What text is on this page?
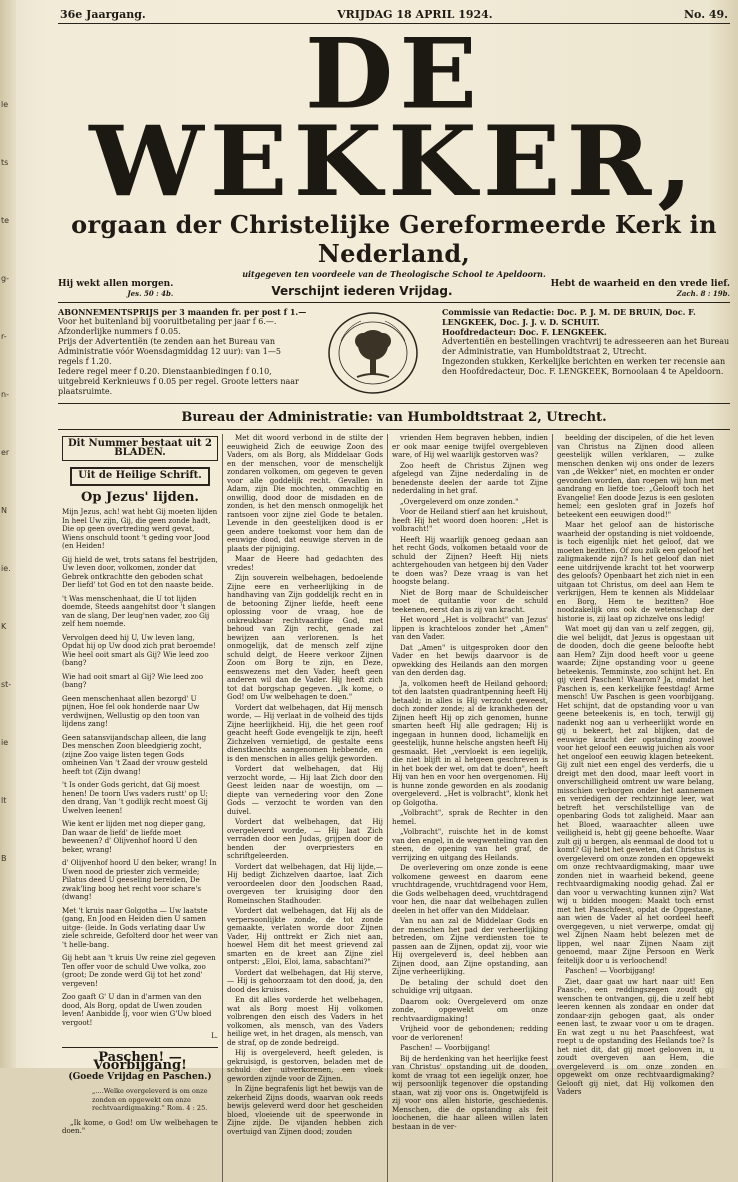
le
ts
te
g-
r-
n-
er
N
ie.
K
st-
ie
lt
B
36e Jaargang.	VRIJDAG 18 APRIL 1924.	No. 49.
DE WEKKER,
orgaan der Christelijke Gereformeerde Kerk in Nederland,
uitgegeven ten voordeele van de Theologische School te Apeldoorn.
Hij wekt allen morgen.
Jes. 50 : 4b.	Verschijnt iederen Vrijdag.	Hebt de waarheid en den vrede lief.
Zach. 8 : 19b.
ABONNEMENTSPRIJS per 3 maanden fr. per post f 1.—
Voor het buitenland bij vooruitbetaling per jaar f 6.—.
Afzonderlijke nummers f 0.05.
Prijs der Advertentiën (te zenden aan het Bureau van Administratie vóór Woensdagmiddag 12 uur): van 1—5 regels f 1.20.
Iedere regel meer f 0.20. Dienstaanbiedingen f 0.10, uitgebreid Kerknieuws f 0.05 per regel. Groote letters naar plaatsruimte.
Commissie van Redactie: Doc. P. J. M. DE BRUIN, Doc. F. LENGKEEK, Doc. J. J. v. D. SCHUIT.
Hoofdredacteur: Doc. F. LENGKEEK.
Advertentiën en bestellingen vrachtvrij te adresseeren aan het Bureau der Administratie, van Humboldtstraat 2, Utrecht.
Ingezonden stukken, Kerkelijke berichten en werken ter recensie aan den Hoofdredacteur, Doc. F. LENGKEEK, Bornoolaan 4 te Apeldoorn.
Bureau der Administratie: van Humboldtstraat 2, Utrecht.
Dit Nummer bestaat uit 2 BLADEN.
Uit de Heilige Schrift.
Op Jezus' lijden.

Mijn Jezus, ach! wat hebt Gij moeten lijden In heel Uw zijn, Gij, die geen zonde hadt, Die op geen overtreding werd gevat, Wiens onschuld toont 't geding voor Jood (en Heiden!

Gij hield de wet, trots satans fel bestrijden, Uw leven door, volkomen, zonder dat Gebrek ontkrachtte den geboden schat Der liefd' tot God en tot den naaste beide.

't Was menschenhaat, die U tot lijden doemde, Steeds aangehitst door 't slangen van de slang, Der leug'nen vader, zoo Gij zelf hem noemde.

Vervolgen deed hij U, Uw leven lang, Opdat hij op Uw dood zich prat beroemde! Wie heel ooit smart als Gij? Wie leed zoo (bang?

Wie had ooit smart al Gij? Wie leed zoo (bang?

Geen menschenhaat allen bezorgd' U pijnen, Hoe fel ook honderde naar Uw verdwijnen, Wellustig op den toon van lijdens zang!

Geen satansvijandschap alleen, die lang Des menschen Zoon bleedgierig zocht, (zijne Zoo vaige listen tegen Gods omheinen Van 't Zaad der vrouw gesteld heeft tot (Zijn dwang!

't Is onder Gods gericht, dat Gij moest henen! De toorn Uws vaders rustt' op U; den drang, Van 't godlijk recht moest Gij Uwelven leenen!

Wie kent er lijden met nog dieper gang, Dan waar de liefd' de liefde moet beweenen? d' Olijvenhof hoord U den beker, wrang!

d' Olijvenhof hoord U den beker, wrang! In Uwen nood de priester zich vermeide; Pilatus deed U geeseling bereiden, De zwak'ling boog het recht voor schare's (dwang!

Met 't kruis naar Golgotha — Uw laatste (gang, En Jood en Heiden dien U samen uitge- (leide. In Gods verlating daar Uw ziele schreide, Gefolterd door het weer van 't helle-bang.

Gij hebt aan 't kruis Uw reine ziel gegeven Ten offer voor de schuld Uwe volka, zoo (groot; De zonde werd Gij tot het zond' vergeven!

Zoo gaaft G' U dan in d'armen van den dood, Als Borg, opdat de Uwen zouden leven! Aanbidde Ij, voor wien G'Uw bloed vergoot!

L.
Paschen! — Voorbijgang!
(Goede Vrijdag en Paschen.)
„....Welke overgeleverd is om onze zonden en opgewekt om onze rechtvaardigmaking." Rom. 4 : 25.

„Ik kome, o God! om Uw welbehagen te doen."

Met dit woord verbond in de stilte der eeuwigheid Zich de eeuwige Zoon des Vaders, om als Borg, als Middelaar Gods en der menschen, voor de menschelijk zondaren volkomen, om gegeven te geven voor alle goddelijk recht. Gevallen in Adam, zijn Die mochten, ommachtig en onwillig, dood door de misdaden en de zonden, is het den mensch onmogelijk het rantsoen voor zijne ziel Gode te betalen. Levende in den geestelijken dood is er geen andere toekomst voor hem dan de eeuwige dood, dat eeuwige sterven in de plaats der pijniging.

Maar de Heere had gedachten des vredes!

Zijn souverein welbehagen, bedoelende Zijne eere en verheerlijking in de handhaving van Zijn goddelijk recht en in de betooning Zijner liefde, heeft eene oplossing voor de vraag, hoe de onkreukbaar rechtvaardige God, met behoud van Zijn recht, genade zal bewijzen aan verlorenen. Is het onmogelijk, dat de mensch zelf zijne schuld delgt, de Heere verkoor Zijnen Zoon om Borg te zijn, en Deze, eenswezens met den Vader, heeft geen anderen wil dan de Vader. Hij heeft zich tot dat borgschap gegeven. „Ik kome, o God! om Uw welbehagen te doen."

Vordert dat welbehagen, dat Hij mensch worde, — Hij verlaat in de volheid des tijds Zijne heerlijkheid. Hij, die het geen roof geacht heeft Gode evengelijk te zijn, heeft Zichzelven vernietigd, de gestalte eens dienstknechts aangenomen hebbende, en is den menschen in alles gelijk geworden.

Vordert dat welbehagen, dat Hij verzocht worde, — Hij laat Zich door den Geest leiden naar de woestijn, om — diepte van vernedering voor den Zone Gods — verzocht te worden van den duivel.

Vordert dat welbehagen, dat Hij overgeleverd worde, — Hij laat Zich verraden door een Judas, grijpen door de benden der overpriesters en schriftgeleerden.

Vordert dat welbehagen, dat Hij lijde,— Hij bedigt Zichzelven daartoe, laat Zich veroordeelen door den Joodschen Raad, overgeven ter kruisiging door den Romeinschen Stadhouder.

Vordert dat welbehagen, dat Hij als de verpersoonlijkte zonde, de tot zonde gemaakte, verlaten worde door Zijnen Vader, Hij onttrekt er Zich niet aan, hoewel Hem dit het meest grievend zal smarten en de kreet aan Zijne ziel ontperst: „Eloi, Eloi, lama, sabachtani?"

Vordert dat welbehagen, dat Hij sterve, — Hij is gehoorzaam tot den dood, ja, den dood des kruises.

En dit alles vorderde het welbehagen, wat als Borg moest Hij volkomen volbrengen den eisch des Vaders in het volkomen, als mensch, van des Vaders heilige wet, in het dragen, als mensch, van de straf, op de zonde bedreigd.

Hij is overgeleverd, heeft geleden, is gekruisigd, is gestorven, beladen met de schuld der uitverkorenen, een vloek geworden zijnde voor de Zijnen.

In Zijne begrafenis ligt het bewijs van de zekerheid Zijns doods, waarvan ook reeds bewijs geleverd werd door het gescheiden bloed, vloeiende uit de speerwonde in Zijne zijde. De vijanden hebben zich overtuigd van Zijnen dood; zouden

vrienden Hem begraven hebben, indien er ook maar eenige twijfel overgebleven ware, of Hij wel waarlijk gestorven was?

Zoo heeft de Christus Zijnen weg afgelegd van Zijne nederdaling in de benedenste deelen der aarde tot Zijne nederdaling in het graf.

„Overgeleverd om onze zonden."

Voor de Heiland stierf aan het kruishout, heeft Hij het woord doen hooren: „Het is volbracht!"

Heeft Hij waarlijk genoeg gedaan aan het recht Gods, volkomen betaald voor de schuld der Zijnen? Heeft Hij niets achtergehouden van hetgeen bij den Vader te doen was? Deze vraag is van het hoogste belang.

Niet de Borg maar de Schuldeischer moet de quitantie voor de schuld teekenen, eerst dan is zij van kracht.

Het woord „Het is volbracht" van Jezus' lippen is krachteloos zonder het „Amen" van den Vader.

Dat „Amen" is uitgesproken door den Vader en het bewijs daarvoor is de opwekking des Heilands aan den morgen van den derden dag.

Ja, volkomen heeft de Heiland gehoord; tot den laatsten quadrantpenning heeft Hij betaald; in alles is Hij verzocht geweest, doch zonder zonde; al de krankheden der Zijnen heeft Hij op zich genomen, hunne smarten heeft Hij alle gedragen; Hij is ingegaan in hunnen dood, lichamelijk en geestelijk, hunne helsche angsten heeft Hij gesmaakt. Het „vervloekt is een iegelijk, die niet blijft in al hetgeen geschreven is in het boek der wet, om dat te doen", heeft Hij van hen en voor hen overgenomen. Hij is hunne zonde geworden en als zoodanig overgeleverd. „Het is volbracht", klonk het op Golgotha.

„Volbracht", sprak de Rechter in den hemel.

„Volbracht", ruischte het in de komst van den engel, in de wegwenteling van den steen, de opening van het graf, de verrijzing en uitgang des Heilands.

De overlevering om onze zonde is eene volkomene geweest en daarom eene vruchtdragende, vruchtdragend voor Hem, die Gods welbehagen deed, vruchtdragend voor hen, die naar dat welbehagen zullen deelen in het offer van den Middelaar.

Van nu aan zal de Middelaar Gods en der menschen het pad der verheerlijking betreden, om Zijne verdiensten toe te passen aan de Zijnen, opdat zij, voor wie Hij overgeleverd is, deel hebben aan Zijnen dood, aan Zijne opstanding, aan Zijne verheerlijking.

De betaling der schuld doet den schuldige vrij uitgaan.

Daarom ook: Overgeleverd om onze zonde, opgewekt om onze rechtvaardigmaking!

Vrijheid voor de gebondenen; redding voor de verlorenen!

Paschen! — Voorbijgang!

Bij de herdenking van het heerlijke feest van Christus' opstanding uit de dooden, komt de vraag tot een iegelijk onzer, hoe wij persoonlijk tegenover die opstanding staan, wat zij voor ons is. Ongetwijfeld is zij voor ons allen historie, geschiedenis. Menschen, die de opstanding als feit loochenen, die haar alleen willen laten bestaan in de ver-

beelding der discipelen, of die het leven van Christus na Zijnen dood alleen geestelijk willen verklaren, — zulke menschen denken wij ons onder de lezers van „de Wekker" niet, en mochten er onder gevonden worden, dan roepen wij hun met aandrang en liefde toe: „Gelooft toch het Evangelie! Een doode Jezus is een gesloten hemel; een gesloten graf in Jozefs hof beteekent een eeuwigen dood!"

Maar het geloof aan de historische waarheid der opstanding is niet voldoende, is toch eigenlijk niet het geloof, dat we moeten bezitten. Of zou zulk een geloof het zaligmakende zijn? Is het geloof dan niet eene uitdrijvende kracht tot het voorwerp des geloofs? Openbaart het zich niet in een uitgaan tot Christus, om deel aan Hem te verkrijgen, Hem te kennen als Middelaar en Borg, Hem te bezitten? Hoe noodzakelijk ons ook de wetenschap der historie is, zij laat op zichzelve ons ledig!

Wat moet gij dan van u zelf zeggen, gij, die wel belijdt, dat Jezus is opgestaan uit de dooden, doch die geene beloofte hebt aan Hem? Zijn dood heeft voor u geene waarde; Zijne opstanding voor u geene beteekenis. Temminste, zoo schijnt het. En gij vierd Paschen! Waarom? Ja, omdat het Paschen is, een kerkelijke feestdag! Arme mensch! Uw Paschen is geen voorbijgang. Het schijnt, dat de opstanding voor u van geene beteekenis is, en toch, terwijl gij nadenkt nog aan u verheerlijkt worde en gij u bekeert, het zal blijken, dat de eeuwige kracht der opstanding zoowel voor het geloof een eeuwig juichen als voor het ongeloof een eeuwig klagen beteekent. Gij zult niet een engel des verderfs, die u dreigt met den dood, maar leeft voort in onverschilligheid omtrent uw ware belang, misschien verborgen onder het aannemen en verdedigen der rechtzinnige leer, wat betreft het verschilstellige van de openbaring Gods tot zaligheid. Maar aan het Bloed, waaraachter alleen uwe veiligheid is, hebt gij geene behoefte. Waar zult gij u bergen, als eenmaal de dood tot u komt? Gij hebt het geweten, dat Christus is overgeleverd om onze zonden en opgewekt om onze rechtvaardigmaking, maar uwe zonden niet in waarheid bekend, geene rechtvaardigmaking noodig gehad. Zal er dan voor u verwachting kunnen zijn? Wat wij u bidden moogen: Maakt toch ernst met het Paaschfeest, opdat de Opgestane, aan wien de Vader al het oordeel heeft overgegeven, u niet verwerpe, omdat gij wel Zijnen Naam hebt belezen met de lippen, wel naar Zijnen Naam zijt genoemd, maar Zijne Persoon en Werk feitelijk door u is verloochend!

Paschen! — Voorbijgang!

Ziet, daar gaat uw hart naar uit! Een Paasch-, een reddingszegen zoudt gij wenschen te ontvangen, gij, die u zelf hebt leeren kennen als zondaar en onder dat zondaar-zijn gebogen gaat, als onder eenen last, te zwaar voor u om te dragen. En wat zegt u nu het Paaschfeest, wat roept u de opstanding des Heilands toe? Is het niet dit, dat gij moet gelooven in, u zoudt overgeven aan Hem, die overgeleverd is om onze zonden en opgewekt om onze rechtvaardigmaking? Gelooft gij niet, dat Hij volkomen den Vaders
